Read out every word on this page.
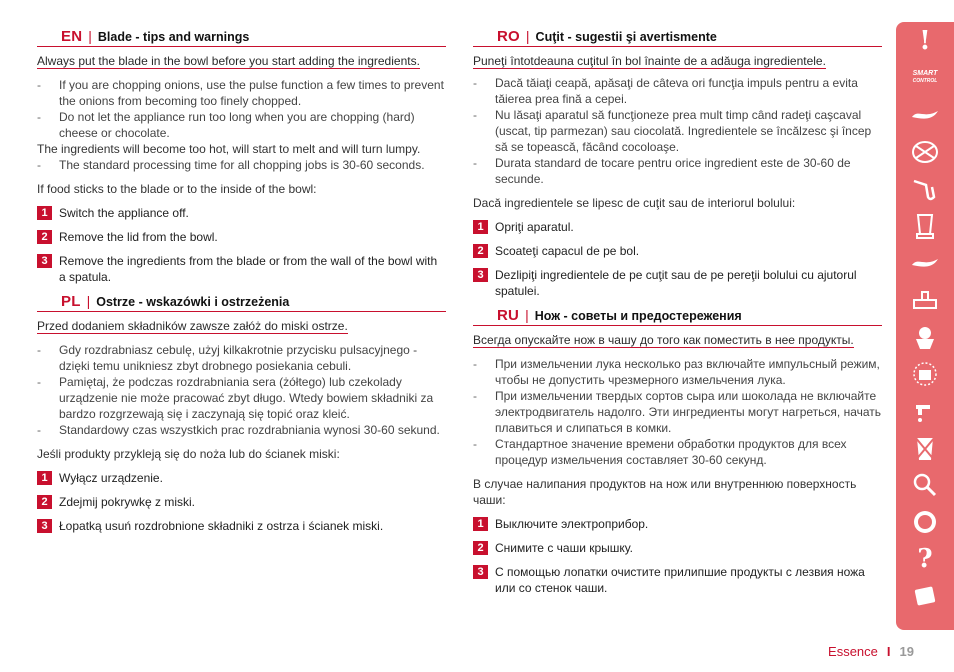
EN | Blade - tips and warnings
Always put the blade in the bowl before you start adding the ingredients.
- If you are chopping onions, use the pulse function a few times to prevent the onions from becoming too finely chopped.
- Do not let the appliance run too long when you are chopping (hard) cheese or chocolate.

The ingredients will become too hot, will start to melt and will turn lumpy.

- The standard processing time for all chopping jobs is 30-60 seconds.

If food sticks to the blade or to the inside of the bowl:

1 Switch the appliance off.
2 Remove the lid from the bowl.
3 Remove the ingredients from the blade or from the wall of the bowl with a spatula.
PL | Ostrze - wskazówki i ostrzeżenia
Przed dodaniem składników zawsze załóż do miski ostrze.
- Gdy rozdrabniasz cebulę, użyj kilkakrotnie przycisku pulsacyjnego - dzięki temu unikniesz zbyt drobnego posiekania cebuli.
- Pamiętaj, że podczas rozdrabniania sera (żółtego) lub czekolady urządzenie nie może pracować zbyt długo. Wtedy bowiem składniki za bardzo rozgrzewają się i zaczynają się topić oraz kleić.
- Standardowy czas wszystkich prac rozdrabniania wynosi 30-60 sekund.

Jeśli produkty przykleją się do noża lub do ścianek miski:

1 Wyłącz urządzenie.
2 Zdejmij pokrywkę z miski.
3 Łopatką usuń rozdrobnione składniki z ostrza i ścianek miski.
RO | Cuţit - sugestii şi avertismente
Puneţi întotdeauna cuţitul în bol înainte de a adăuga ingredientele.
- Dacă tăiaţi ceapă, apăsaţi de câteva ori funcţia impuls pentru a evita tăierea prea fină a cepei.
- Nu lăsaţi aparatul să funcţioneze prea mult timp când radeţi caşcaval (uscat, tip parmezan) sau ciocolată. Ingredientele se încălzesc şi încep să se topească, făcând cocoloaşe.
- Durata standard de tocare pentru orice ingredient este de 30-60 de secunde.

Dacă ingredientele se lipesc de cuţit sau de interiorul bolului:

1 Opriţi aparatul.
2 Scoateţi capacul de pe bol.
3 Dezlipiţi ingredientele de pe cuţit sau de pe pereţii bolului cu ajutorul spatulei.
RU | Нож - советы и предостережения
Всегда опускайте нож в чашу до того как поместить в нее продукты.
- При измельчении лука несколько раз включайте импульсный режим, чтобы не допустить чрезмерного измельчения лука.
- При измельчении твердых сортов сыра или шоколада не включайте электродвигатель надолго. Эти ингредиенты могут нагреться, начать плавиться и слипаться в комки.
- Стандартное значение времени обработки продуктов для всех процедур измельчения составляет 30-60 секунд.

В случае налипания продуктов на нож или внутреннюю поверхность чаши:

1 Выключите электроприбор.
2 Снимите с чаши крышку.
3 С помощью лопатки очистите прилипшие продукты с лезвия ножа или со стенок чаши.
!
SMART
CONTROL
?
Essence I 19
